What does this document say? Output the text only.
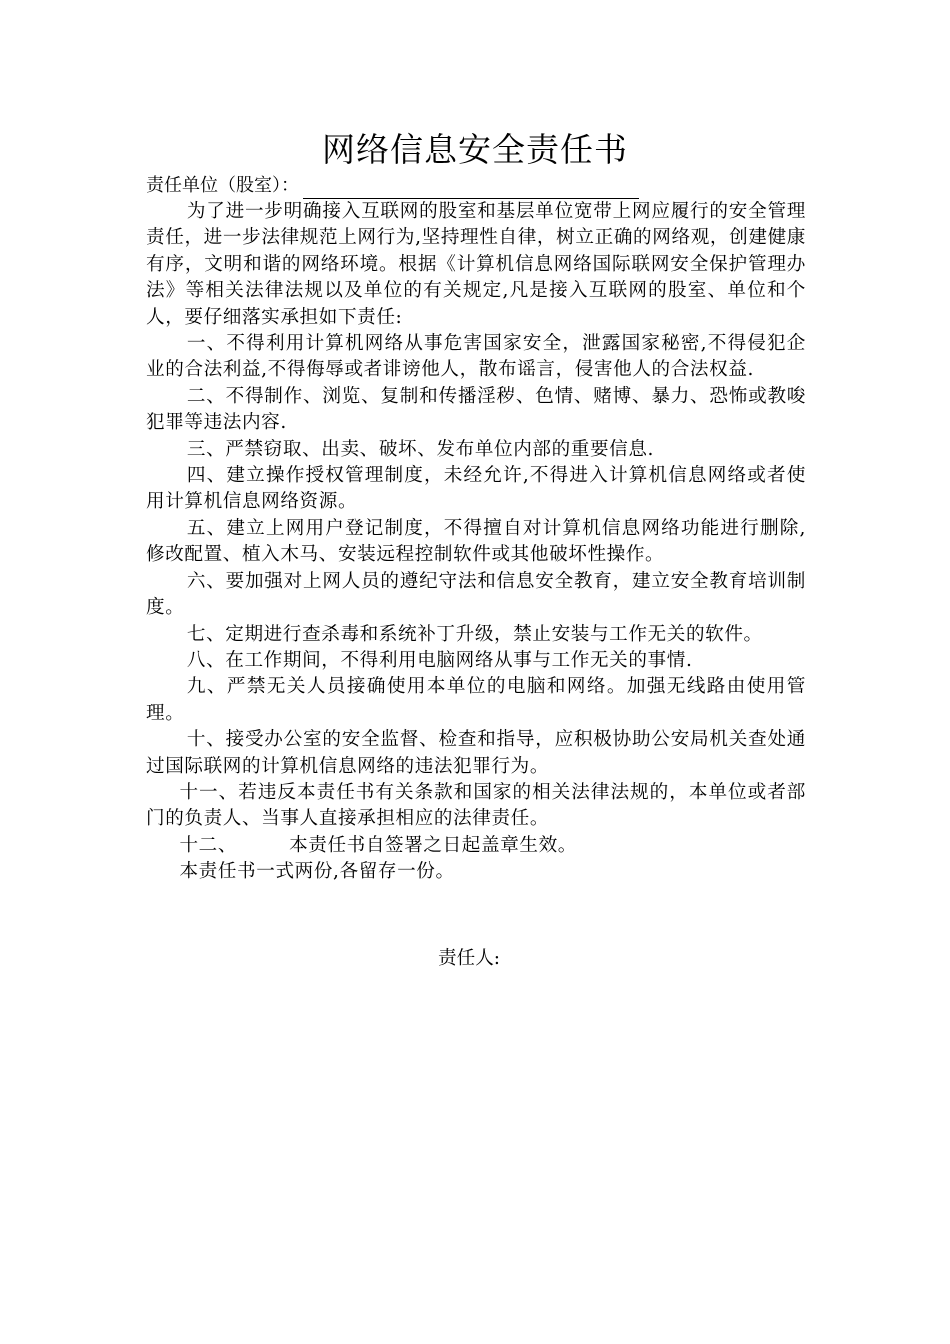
网络信息安全责任书
责任单位（股室）：

为了进一步明确接入互联网的股室和基层单位宽带上网应履行的安全管理责任，进一步法律规范上网行为,坚持理性自律，树立正确的网络观，创建健康有序，文明和谐的网络环境。根据《计算机信息网络国际联网安全保护管理办法》等相关法律法规以及单位的有关规定,凡是接入互联网的股室、单位和个人，要仔细落实承担如下责任:

一、不得利用计算机网络从事危害国家安全，泄露国家秘密,不得侵犯企业的合法利益,不得侮辱或者诽谤他人，散布谣言，侵害他人的合法权益.

二、不得制作、浏览、复制和传播淫秽、色情、赌博、暴力、恐怖或教唆犯罪等违法内容.

三、严禁窃取、出卖、破坏、发布单位内部的重要信息.

四、建立操作授权管理制度，未经允许,不得进入计算机信息网络或者使用计算机信息网络资源。

五、建立上网用户登记制度，不得擅自对计算机信息网络功能进行删除,修改配置、植入木马、安装远程控制软件或其他破坏性操作。

六、要加强对上网人员的遵纪守法和信息安全教育，建立安全教育培训制度。

七、定期进行查杀毒和系统补丁升级，禁止安装与工作无关的软件。

八、在工作期间，不得利用电脑网络从事与工作无关的事情.

九、严禁无关人员接确使用本单位的电脑和网络。加强无线路由使用管理。

十、接受办公室的安全监督、检查和指导，应积极协助公安局机关查处通过国际联网的计算机信息网络的违法犯罪行为。

十一、若违反本责任书有关条款和国家的相关法律法规的，本单位或者部门的负责人、当事人直接承担相应的法律责任。

十二、	本责任书自签署之日起盖章生效。

本责任书一式两份,各留存一份。

责任人:
